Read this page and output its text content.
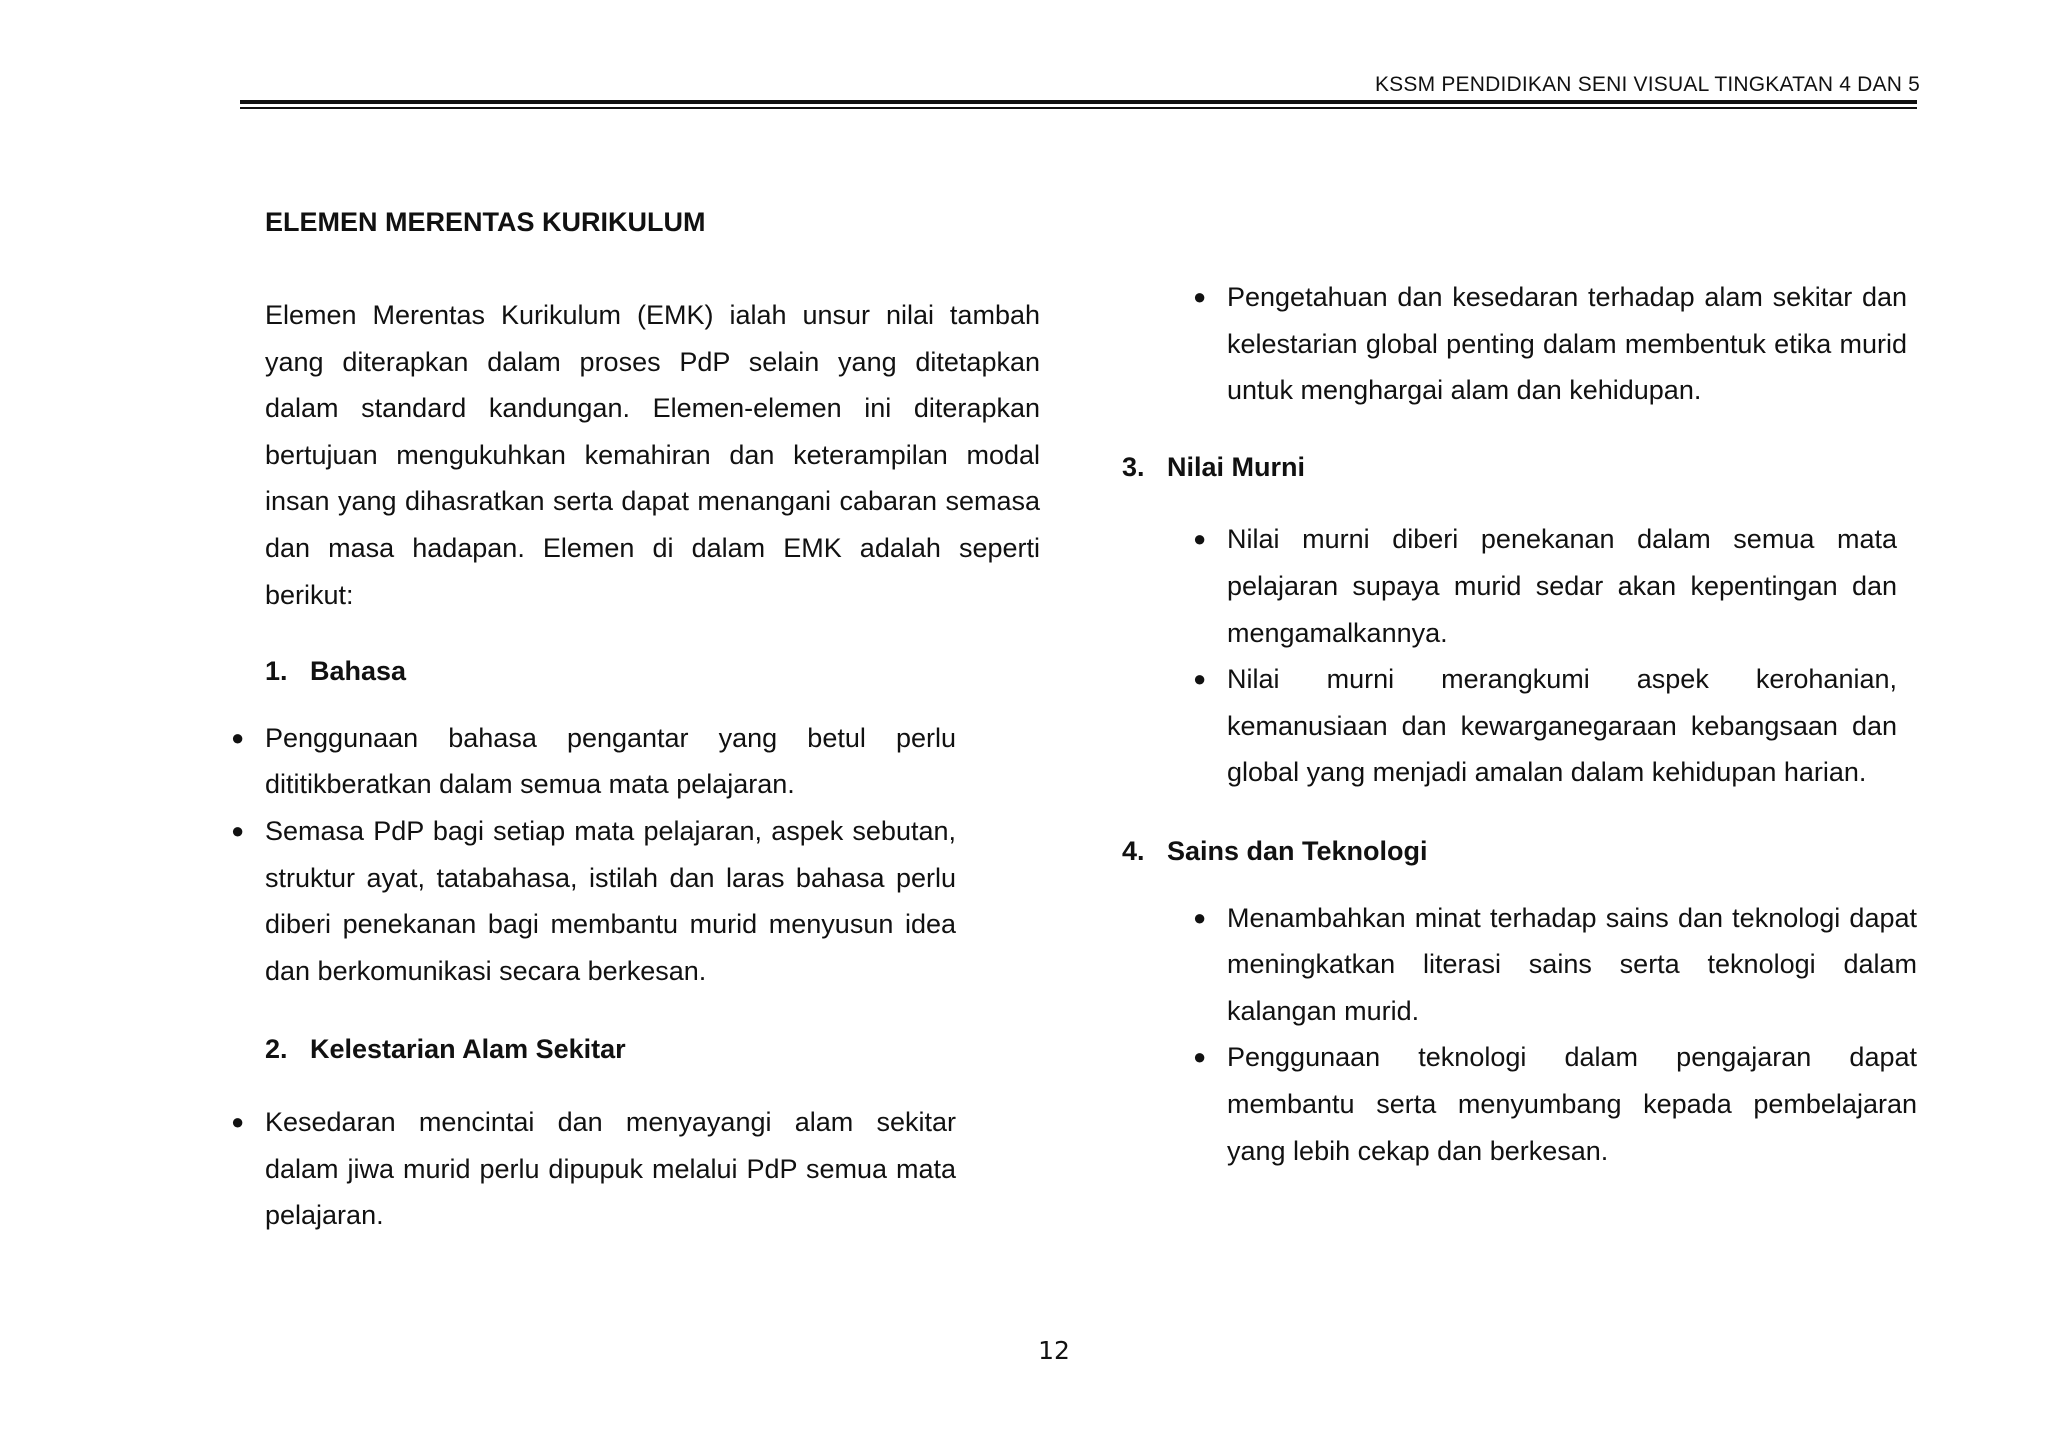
KSSM PENDIDIKAN SENI VISUAL TINGKATAN 4 DAN 5

ELEMEN MERENTAS KURIKULUM

Elemen Merentas Kurikulum (EMK) ialah unsur nilai tambah yang diterapkan dalam proses PdP selain yang ditetapkan dalam standard kandungan. Elemen-elemen ini diterapkan bertujuan mengukuhkan kemahiran dan keterampilan modal insan yang dihasratkan serta dapat menangani cabaran semasa dan masa hadapan. Elemen di dalam EMK adalah seperti berikut:

1. Bahasa
● Penggunaan bahasa pengantar yang betul perlu dititikberatkan dalam semua mata pelajaran.
● Semasa PdP bagi setiap mata pelajaran, aspek sebutan, struktur ayat, tatabahasa, istilah dan laras bahasa perlu diberi penekanan bagi membantu murid menyusun idea dan berkomunikasi secara berkesan.
2. Kelestarian Alam Sekitar
● Kesedaran mencintai dan menyayangi alam sekitar dalam jiwa murid perlu dipupuk melalui PdP semua mata pelajaran.
● Pengetahuan dan kesedaran terhadap alam sekitar dan kelestarian global penting dalam membentuk etika murid untuk menghargai alam dan kehidupan.
3. Nilai Murni
● Nilai murni diberi penekanan dalam semua mata pelajaran supaya murid sedar akan kepentingan dan mengamalkannya.
● Nilai murni merangkumi aspek kerohanian, kemanusiaan dan kewarganegaraan kebangsaan dan global yang menjadi amalan dalam kehidupan harian.
4. Sains dan Teknologi
● Menambahkan minat terhadap sains dan teknologi dapat meningkatkan literasi sains serta teknologi dalam kalangan murid.
● Penggunaan teknologi dalam pengajaran dapat membantu serta menyumbang kepada pembelajaran yang lebih cekap dan berkesan.
12
